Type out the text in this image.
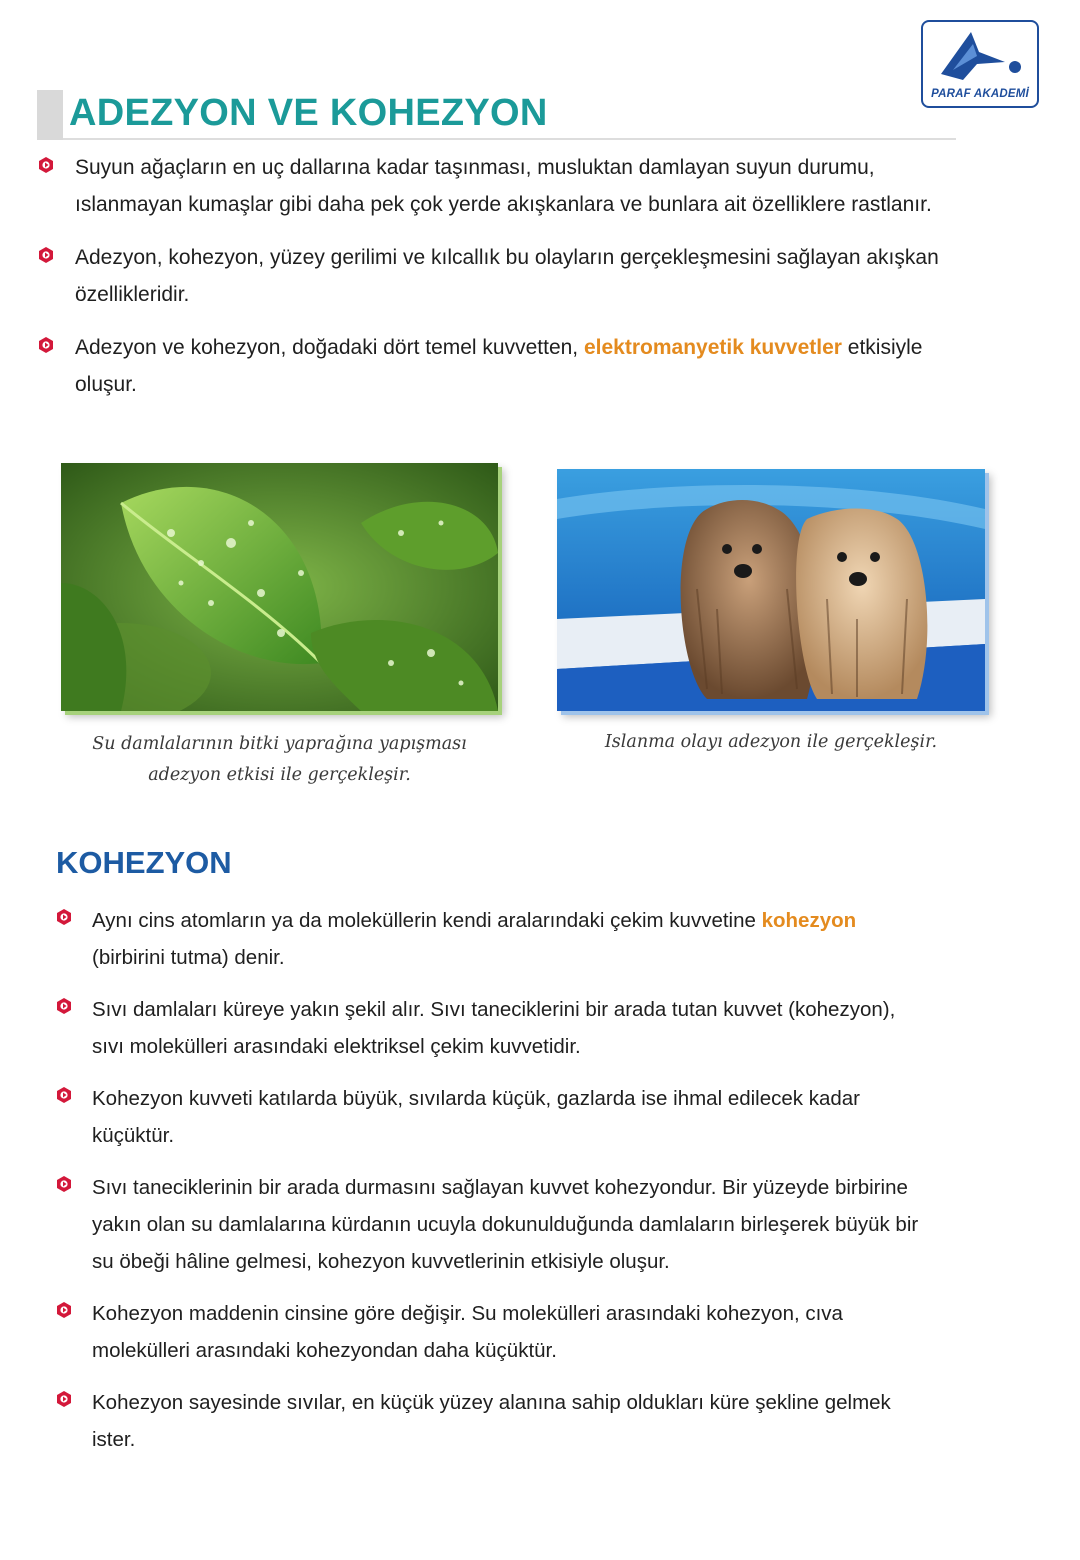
PARAF AKADEMİ
ADEZYON VE KOHEZYON
Suyun ağaçların en uç dallarına kadar taşınması, musluktan damlayan suyun durumu, ıslanmayan kumaşlar gibi daha pek çok yerde akışkanlara ve bunlara ait özelliklere rastlanır.
Adezyon, kohezyon, yüzey gerilimi ve kılcallık bu olayların gerçekleşmesini sağlayan akışkan özellikleridir.
Adezyon ve kohezyon, doğadaki dört temel kuvvetten, elektromanyetik kuvvetler etkisiyle oluşur.

Su damlalarının bitki yaprağına yapışması adezyon etkisi ile gerçekleşir.

Islanma olayı adezyon ile gerçekleşir.

KOHEZYON
Aynı cins atomların ya da moleküllerin kendi aralarındaki çekim kuvvetine kohezyon (birbirini tutma) denir.
Sıvı damlaları küreye yakın şekil alır. Sıvı taneciklerini bir arada tutan kuvvet (kohezyon), sıvı molekülleri arasındaki elektriksel çekim kuvvetidir.
Kohezyon kuvveti katılarda büyük, sıvılarda küçük, gazlarda ise ihmal edilecek kadar küçüktür.
Sıvı taneciklerinin bir arada durmasını sağlayan kuvvet kohezyondur. Bir yüzeyde birbirine yakın olan su damlalarına kürdanın ucuyla dokunulduğunda damlaların birleşerek büyük bir su öbeği hâline gelmesi, kohezyon kuvvetlerinin etkisiyle oluşur.
Kohezyon maddenin cinsine göre değişir. Su molekülleri arasındaki kohezyon, cıva molekülleri arasındaki kohezyondan daha küçüktür.
Kohezyon sayesinde sıvılar, en küçük yüzey alanına sahip oldukları küre şekline gelmek ister.
